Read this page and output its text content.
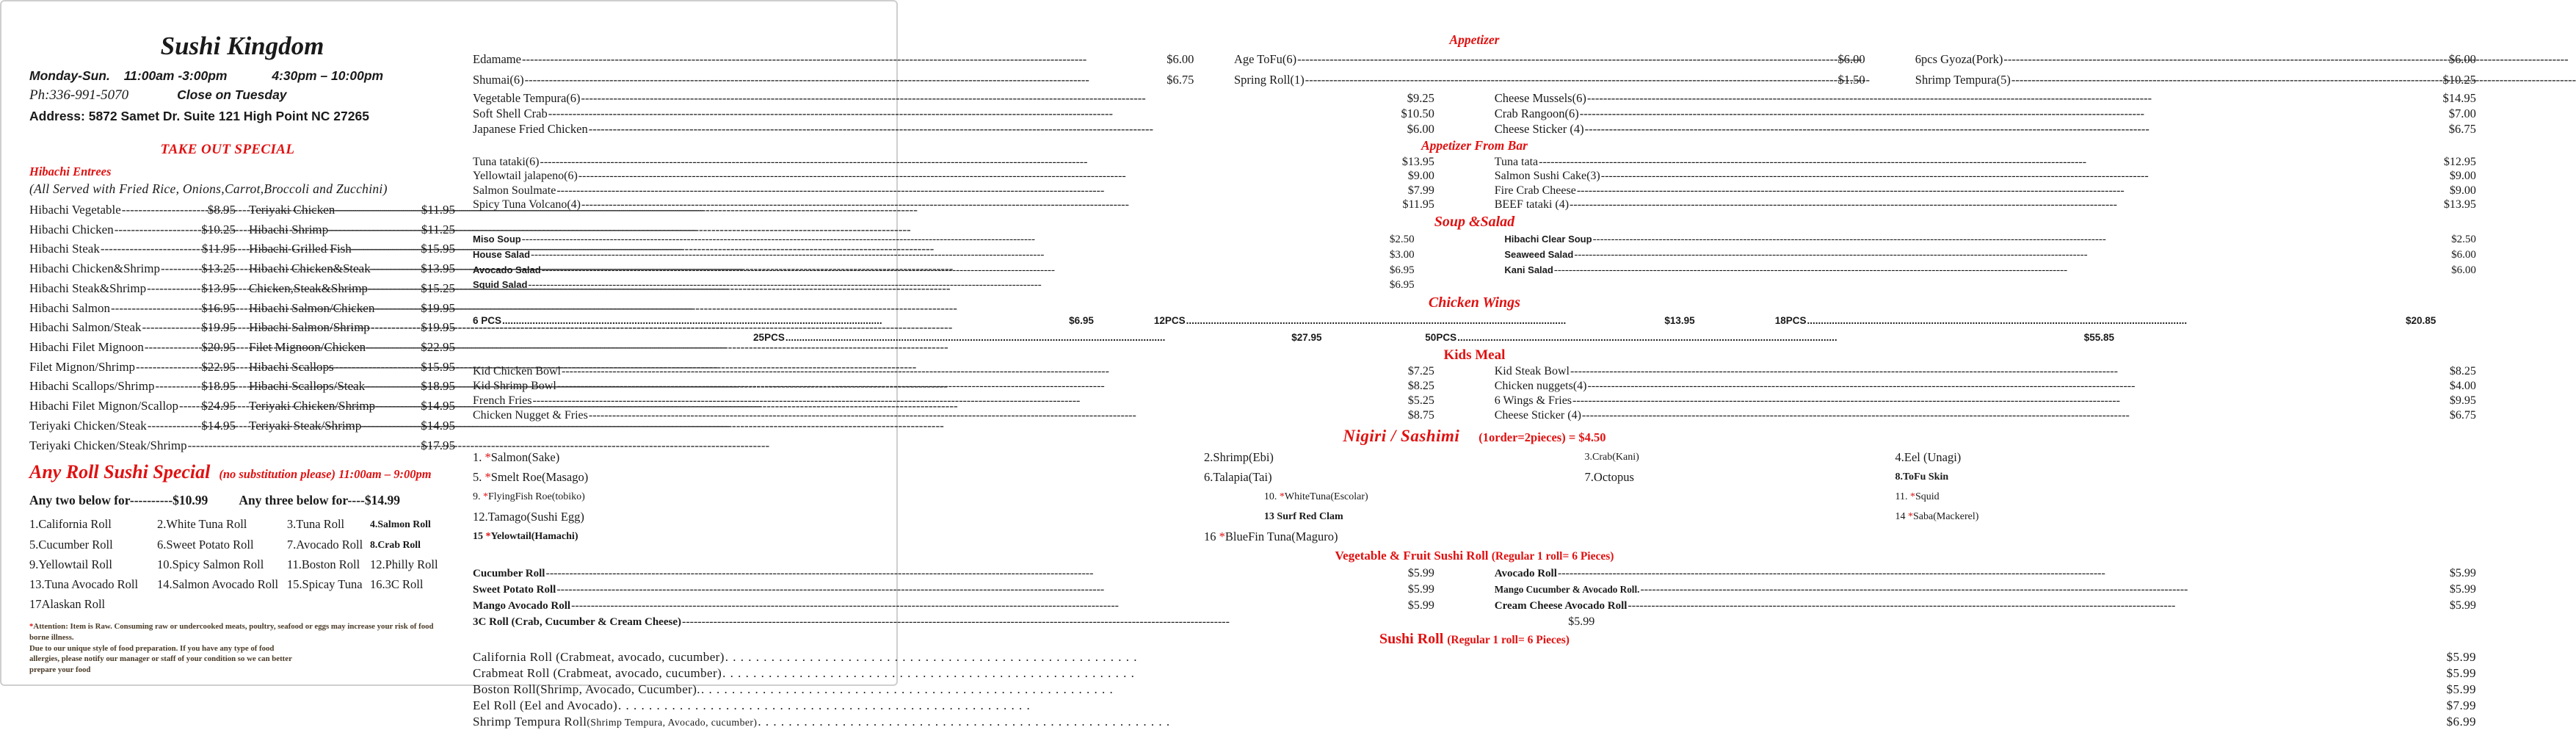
Sushi Kingdom
Monday-Sun. 11:00am -3:00pm	4:30pm – 10:00pm
Ph:336-991-5070	Close on Tuesday
Address: 5872 Samet Dr. Suite 121 High Point NC 27265
TAKE OUT SPECIAL
Hibachi Entrees
(All Served with Fried Rice, Onions,Carrot,Broccoli and Zucchini)
Hibachi Vegetable -----	$8.95 Teriyaki Chicken -----	$11.95
Hibachi Chicken -----	$10.25 Hibachi Shrimp -----	$11.25
Hibachi Steak -----	$11.95 Hibachi Grilled Fish -----	$15.95
Hibachi Chicken&Shrimp -----	$13.25 Hibachi Chicken&Steak -----	$13.95
Hibachi Steak&Shrimp -----	$13.95 Chicken,Steak&Shrimp -----	$15.25
Hibachi Salmon -----	$16.95 Hibachi Salmon/Chicken -----	$19.95
Hibachi Salmon/Steak -----	$19.95 Hibachi Salmon/Shrimp -----	$19.95
Hibachi Filet Mignoon -----	$20.95 Filet Mignoon/Chicken -----	$22.95
Filet Mignon/Shrimp -----	$22.95 Hibachi Scallops -----	$15.95
Hibachi Scallops/Shrimp -----	$18.95 Hibachi Scallops/Steak -----	$18.95
Hibachi Filet Mignon/Scallop ----- $24.95 Teriyaki Chicken/Shrimp -----	$14.95
Teriyaki Chicken/Steak -----	$14.95 Teriyaki Steak/Shrimp -----	$14.95
Teriyaki Chicken/Steak/Shrimp -----	$17.95
Any Roll Sushi Special (no substitution please) 11:00am – 9:00pm
Any two below for----------$10.99 Any three below for----$14.99
1.California Roll	2.White Tuna Roll	3.Tuna Roll	4.Salmon Roll
5.Cucumber Roll	6.Sweet Potato Roll	7.Avocado Roll 8.Crab Roll
9.Yellowtail Roll	10.Spicy Salmon Roll	11.Boston Roll 12.Philly Roll
13.Tuna Avocado Roll	14.Salmon Avocado Roll 15.Spicay Tuna 16.3C Roll
17Alaskan Roll
*Attention: Item is Raw. Consuming raw or undercooked meats, poultry, seafood or eggs may increase your risk of food borne illness.
Due to our unique style of food preparation. If you have any type of food
allergies, please notify our manager or staff of your condition so we can better
prepare your food
Appetizer
Edamame -----	$6.00	Age ToFu(6) -----	$6.00	6pcs Gyoza(Pork) -----	$6.00
Shumai(6) -----	$6.75	Spring Roll(1) -----	$1.50	Shrimp Tempura(5) -----	$10.25
Vegetable Tempura(6) -----	$9.25	Cheese Mussels(6) -----	$14.95
Soft Shell Crab -----	$10.50	Crab Rangoon(6) -----	$7.00
Japanese Fried Chicken -----	$6.00	Cheese Sticker (4) -----	$6.75
Appetizer From Bar
Tuna tataki(6) -----	$13.95	Tuna tata -----	$12.95
Yellowtail jalapeno(6) -----	$9.00	Salmon Sushi Cake(3) -----	$9.00
Salmon Soulmate -----	$7.99	Fire Crab Cheese -----	$9.00
Spicy Tuna Volcano(4) -----	$11.95	BEEF tataki (4) -----	$13.95
Soup &Salad
Miso Soup -----	$2.50
House Salad -----	$3.00
Avocado Salad -----	$6.95
Squid Salad -----	$6.95
Hibachi Clear Soup -----	$2.50
Seaweed Salad -----	$6.00
Kani Salad -----	$6.00
Chicken Wings
6 PCS .....	$6.95	12PCS .....	$13.95	18PCS .....	$20.85
25PCS .....	$27.95	50PCS .....	$55.85
Kids Meal
Kid Chicken Bowl -----	$7.25	Kid Steak Bowl -----	$8.25
Kid Shrimp Bowl -----	$8.25	Chicken nuggets(4) -----	$4.00
French Fries -----	$5.25	6 Wings & Fries -----	$9.95
Chicken Nugget & Fries -----	$8.75	Cheese Sticker (4) -----	$6.75
Nigiri / Sashimi (1order=2pieces) = $4.50
1. *Salmon(Sake)	2.Shrimp(Ebi)	3.Crab(Kani)	4.Eel (Unagi)
5. *Smelt Roe(Masago)	6.Talapia(Tai)	7.Octopus	8.ToFu Skin
9. *FlyingFish Roe(tobiko)	10. *WhiteTuna(Escolar)	11. *Squid
12.Tamago(Sushi Egg)	13 Surf Red Clam	14 *Saba(Mackerel)
15 *Yelowtail(Hamachi)	16 *BlueFin Tuna(Maguro)
Vegetable & Fruit Sushi Roll (Regular 1 roll= 6 Pieces)
Cucumber Roll -----	$5.99	Avocado Roll -----	$5.99
Sweet Potato Roll -----	$5.99	Mango Cucumber & Avocado Roll. -----	$5.99
Mango Avocado Roll -----	$5.99	Cream Cheese Avocado Roll -----	$5.99
3C Roll (Crab, Cucumber & Cream Cheese) -----	$5.99
Sushi Roll (Regular 1 roll= 6 Pieces)
California Roll (Crabmeat, avocado, cucumber) . . .	$5.99
Crabmeat Roll (Crabmeat, avocado, cucumber) . . .	$5.99
Boston Roll(Shrimp, Avocado, Cucumber). . . .	$5.99
Eel Roll (Eel and Avocado) . . .	$7.99
Shrimp Tempura Roll (Shrimp Tempura, Avocado, cucumber) . . .	$6.99
